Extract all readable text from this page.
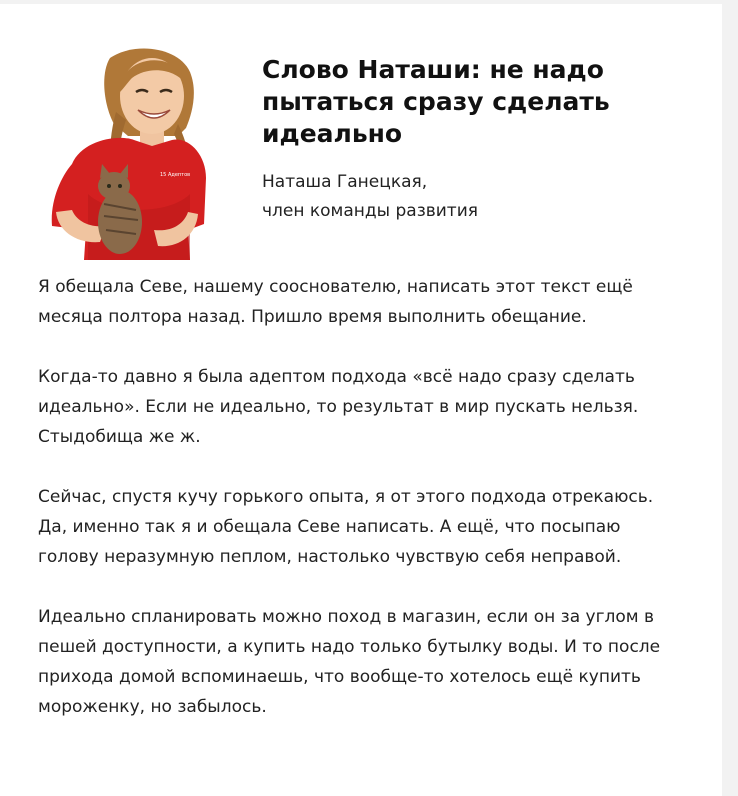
15 Адептов
Слово Наташи: не надо пытаться сразу сделать идеально
Наташа Ганецкая,
член команды развития

Я обещала Севе, нашему сооснователю, написать этот текст ещё месяца полтора назад. Пришло время выполнить обещание.

Когда-то давно я была адептом подхода «всё надо сразу сделать идеально». Если не идеально, то результат в мир пускать нельзя. Стыдобища же ж.

Сейчас, спустя кучу горького опыта, я от этого подхода отрекаюсь. Да, именно так я и обещала Севе написать. А ещё, что посыпаю голову неразумную пеплом, настолько чувствую себя неправой.

Идеально спланировать можно поход в магазин, если он за углом в пешей доступности, а купить надо только бутылку воды. И то после прихода домой вспоминаешь, что вообще-то хотелось ещё купить мороженку, но забылось.
